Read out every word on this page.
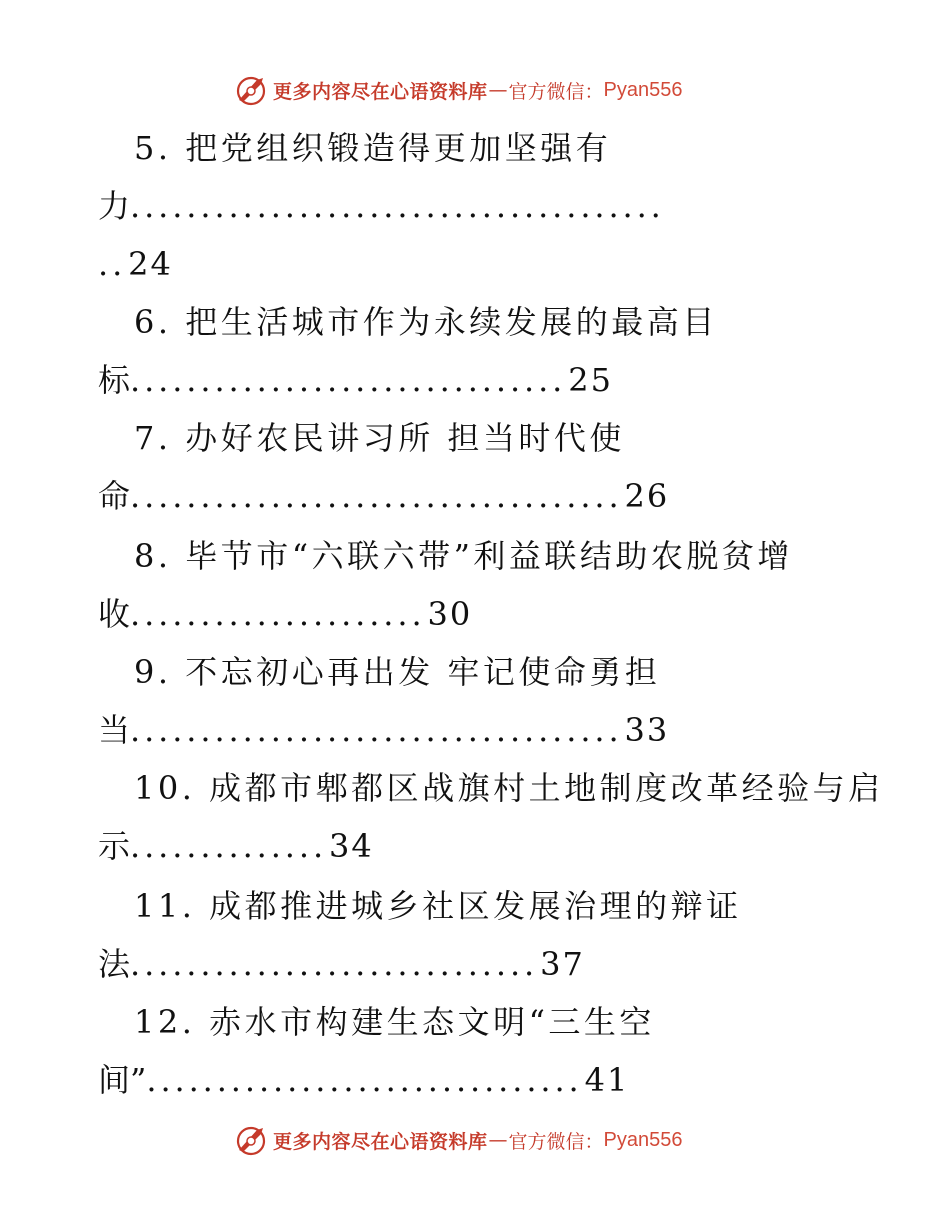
更多内容尽在心语资料库 — 官方微信： Pyan556
5. 把党组织锻造得更加坚强有
力......................................
..24
6. 把生活城市作为永续发展的最高目
标...............................25
7. 办好农民讲习所 担当时代使
命...................................26
8. 毕节市“六联六带”利益联结助农脱贫增
收.....................30
9. 不忘初心再出发 牢记使命勇担
当...................................33
10. 成都市郫都区战旗村土地制度改革经验与启
示..............34
11. 成都推进城乡社区发展治理的辩证
法.............................37
12. 赤水市构建生态文明“三生空
间”...............................41
更多内容尽在心语资料库 — 官方微信： Pyan556
